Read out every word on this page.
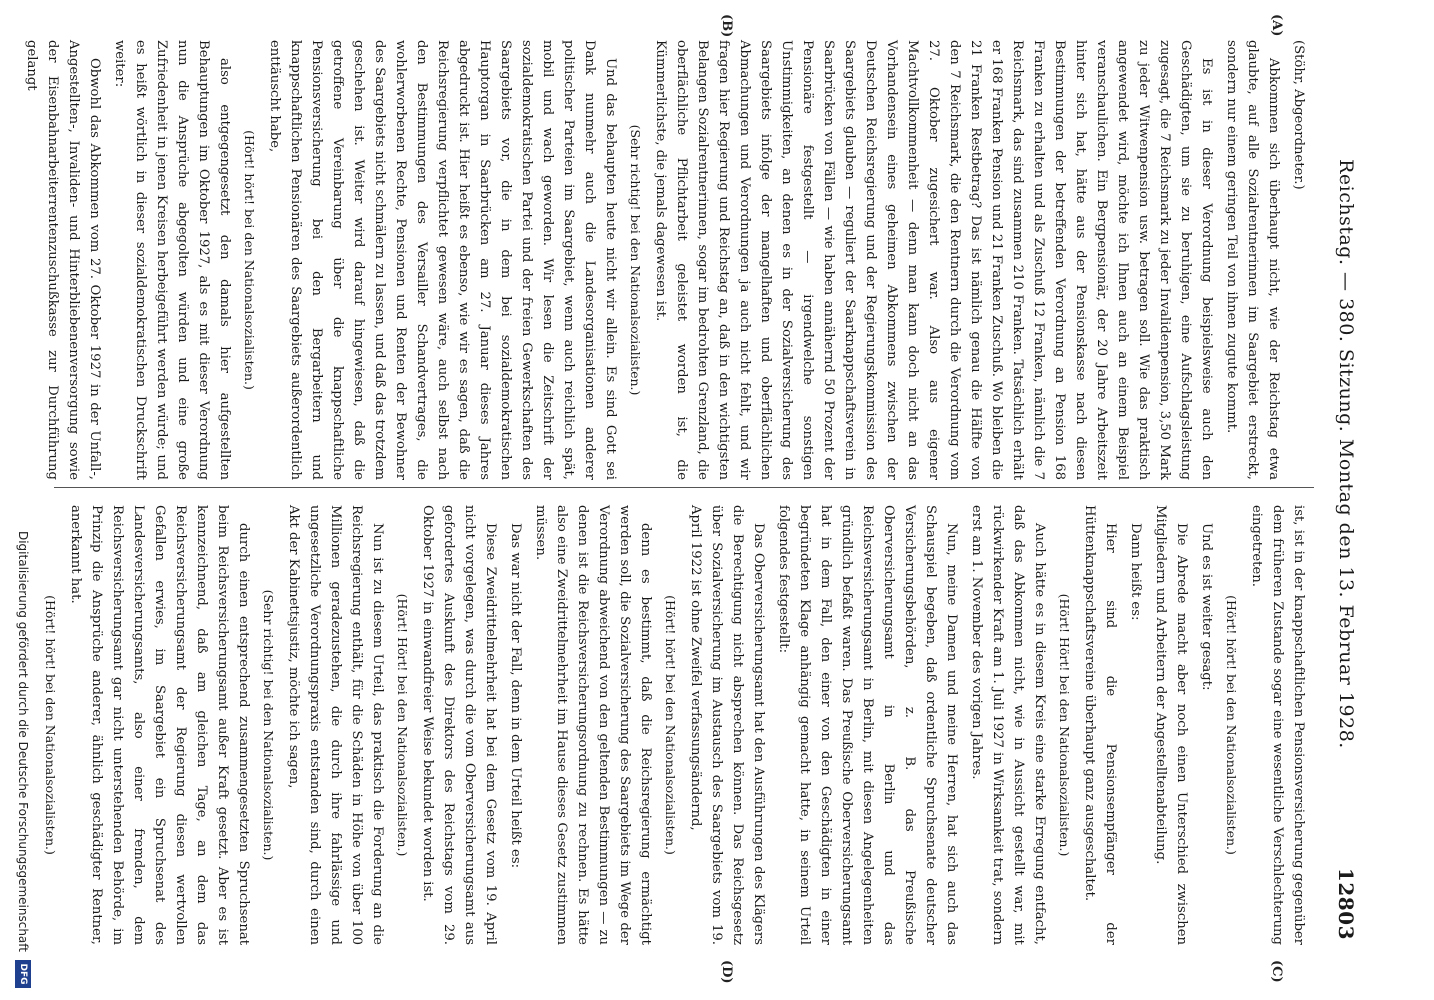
Reichstag. — 380. Sitzung. Montag den 13. Februar 1928.
12803
(A)
(B)
(C)
(D)

(Stöhr, Abgeordneter.)

Abkommen sich überhaupt nicht, wie der Reichstag etwa glaubte, auf alle Sozialrentnerinnen im Saargebiet erstreckt, sondern nur einem geringen Teil von ihnen zugute kommt.

Es ist in dieser Verordnung beispielsweise auch den Geschädigten, um sie zu beruhigen, eine Aufschlagsleistung zugesagt, die 7 Reichsmark zu jeder Invalidenpension, 3,50 Mark zu jeder Witwenpension usw. betragen soll. Wie das praktisch angewendet wird, möchte ich Ihnen auch an einem Beispiel veranschaulichen. Ein Bergpensionär, der 20 Jahre Arbeitszeit hinter sich hat, hätte aus der Pensionskasse nach diesen Bestimmungen der betreffenden Verordnung an Pension 168 Franken zu erhalten und als Zuschuß 12 Franken, nämlich die 7 Reichsmark, das sind zusammen 210 Franken. Tatsächlich erhält er 168 Franken Pension und 21 Franken Zuschuß. Wo bleiben die 21 Franken Restbetrag? Das ist nämlich genau die Hälfte von den 7 Reichsmark, die den Rentnern durch die Verordnung vom 27. Oktober zugesichert war. Also aus eigener Machtvollkommenheit — denn man kann doch nicht an das Vorhandensein eines geheimen Abkommens zwischen der Deutschen Reichsregierung und der Regierungskommission des Saargebiets glauben — reguliert der Saarknappschaftsverein in Saarbrücken von Fällen — wie haben annähernd 50 Prozent der Pensionäre festgestellt — irgendwelche sonstigen Unstimmigkeiten, an denen es in der Sozialversicherung des Saargebiets infolge der mangelhaften und oberflächlichen Abmachungen und Verordnungen ja auch nicht fehlt, und wir fragen hier Regierung und Reichstag an, daß in den wichtigsten Belangen Sozialrentnerinnen, sogar im bedrohten Grenzland, die oberflächliche Pflichtarbeit geleistet worden ist, die Kümmerlichste, die jemals dagewesen ist.

(Sehr richtig! bei den Nationalsozialisten.)

Und das behaupten heute nicht wir allein. Es sind Gott sei Dank nunmehr auch die Landesorganisationen anderer politischer Parteien im Saargebiet, wenn auch reichlich spät, mobil und wach geworden. Wir lesen die Zeitschrift der sozialdemokratischen Partei und der freien Gewerkschaften des Saargebiets vor, die in dem bei sozialdemokratischen Hauptorgan in Saarbrücken am 27. Januar dieses Jahres abgedruckt ist. Hier heißt es ebenso, wie wir es sagen, daß die Reichsregierung verpflichtet gewesen wäre, auch selbst nach den Bestimmungen des Versailler Schandvertrages, die wohlerworbenen Rechte, Pensionen und Renten der Bewohner des Saargebiets nicht schmälern zu lassen, und daß das trotzdem geschehen ist. Weiter wird darauf hingewiesen, daß die getroffene Vereinbarung über die knappschaftliche Pensionsversicherung bei den Bergarbeitern und knappschaftlichen Pensionären des Saargebiets außerordentlich enttäuscht habe,

(Hört! hört! bei den Nationalsozialisten.)

also entgegengesetzt den damals hier aufgestellten Behauptungen im Oktober 1927, als es mit dieser Verordnung nun die Ansprüche abgegolten würden und eine große Zufriedenheit in jenen Kreisen herbeigeführt werden würde; und es heißt wörtlich in dieser sozialdemokratischen Druckschrift weiter:

Obwohl das Abkommen vom 27. Oktober 1927 in der Unfall-, Angestellten-, Invaliden- und Hinterbliebenenversorgung sowie der Eisenbahnarbeiterrentenzuschußkasse zur Durchführung gelangt

ist, ist in der knappschaftlichen Pensionsversicherung gegenüber dem früheren Zustande sogar eine wesentliche Verschlechterung eingetreten.

(Hört! hört! bei den Nationalsozialisten.)

Und es ist weiter gesagt:

Die Abrede macht aber noch einen Unterschied zwischen Mitgliedern und Arbeitern der Angestelltenabteilung.

Dann heißt es:

Hier sind die Pensionsempfänger der Hüttenknappschaftsvereine überhaupt ganz ausgeschaltet.

(Hört! Hört! bei den Nationalsozialisten.)

Auch hätte es in diesem Kreis eine starke Erregung entfacht, daß das Abkommen nicht, wie in Aussicht gestellt war, mit rückwirkender Kraft am 1. Juli 1927 in Wirksamkeit trat, sondern erst am 1. November des vorigen Jahres.

Nun, meine Damen und meine Herren, hat sich auch das Schauspiel begeben, daß ordentliche Spruchsenate deutscher Versicherungsbehörden, z. B. das Preußische Oberversicherungsamt in Berlin und das Reichsversicherungsamt in Berlin, mit diesen Angelegenheiten gründlich befaßt waren. Das Preußische Oberversicherungsamt hat in dem Fall, den einer von den Geschädigten in einer begründeten Klage anhängig gemacht hatte, in seinem Urteil folgendes festgestellt:

Das Oberversicherungsamt hat den Ausführungen des Klägers die Berechtigung nicht absprechen können. Das Reichsgesetz über Sozialversicherung im Austausch des Saargebiets vom 19. April 1922 ist ohne Zweifel verfassungsändernd,

(Hört! hört! bei den Nationalsozialisten.)

denn es bestimmt, daß die Reichsregierung ermächtigt werden soll, die Sozialversicherung des Saargebiets im Wege der Verordnung abweichend von den geltenden Bestimmungen — zu denen ist die Reichsversicherungsordnung zu rechnen. Es hätte also eine Zweidrittelmehrheit im Hause dieses Gesetz zustimmen müssen.

Das war nicht der Fall, denn in dem Urteil heißt es:

Diese Zweidrittelmehrheit hat bei dem Gesetz vom 19. April nicht vorgelegen, was durch die vom Oberversicherungsamt aus gefordertes Auskunft des Direktors des Reichstags vom 29. Oktober 1927 in einwandfreier Weise bekundet worden ist.

(Hört! Hört! bei den Nationalsozialisten.)

Nun ist zu diesem Urteil, das praktisch die Forderung an die Reichsregierung enthält, für die Schäden in Höhe von über 100 Millionen geradezustehen, die durch ihre fahrlässige und ungesetzliche Verordnungspraxis entstanden sind, durch einen Akt der Kabinettsjustiz, möchte ich sagen,

(Sehr richtig! bei den Nationalsozialisten.)

durch einen entsprechend zusammengesetzten Spruchsenat beim Reichsversicherungsamt außer Kraft gesetzt. Aber es ist kennzeichnend, daß am gleichen Tage, an dem das Reichsversicherungsamt der Regierung diesen wertvollen Gefallen erwies, im Saargebiet ein Spruchsenat des Landesversicherungsamts, also einer fremden, dem Reichsversicherungsamt gar nicht unterstehenden Behörde, im Prinzip die Ansprüche anderer, ähnlich geschädigter Rentner, anerkannt hat.

(Hört! hört! bei den Nationalsozialisten.)

Digitalisierung gefördert durch die Deutsche Forschungsgemeinschaft
DFG
